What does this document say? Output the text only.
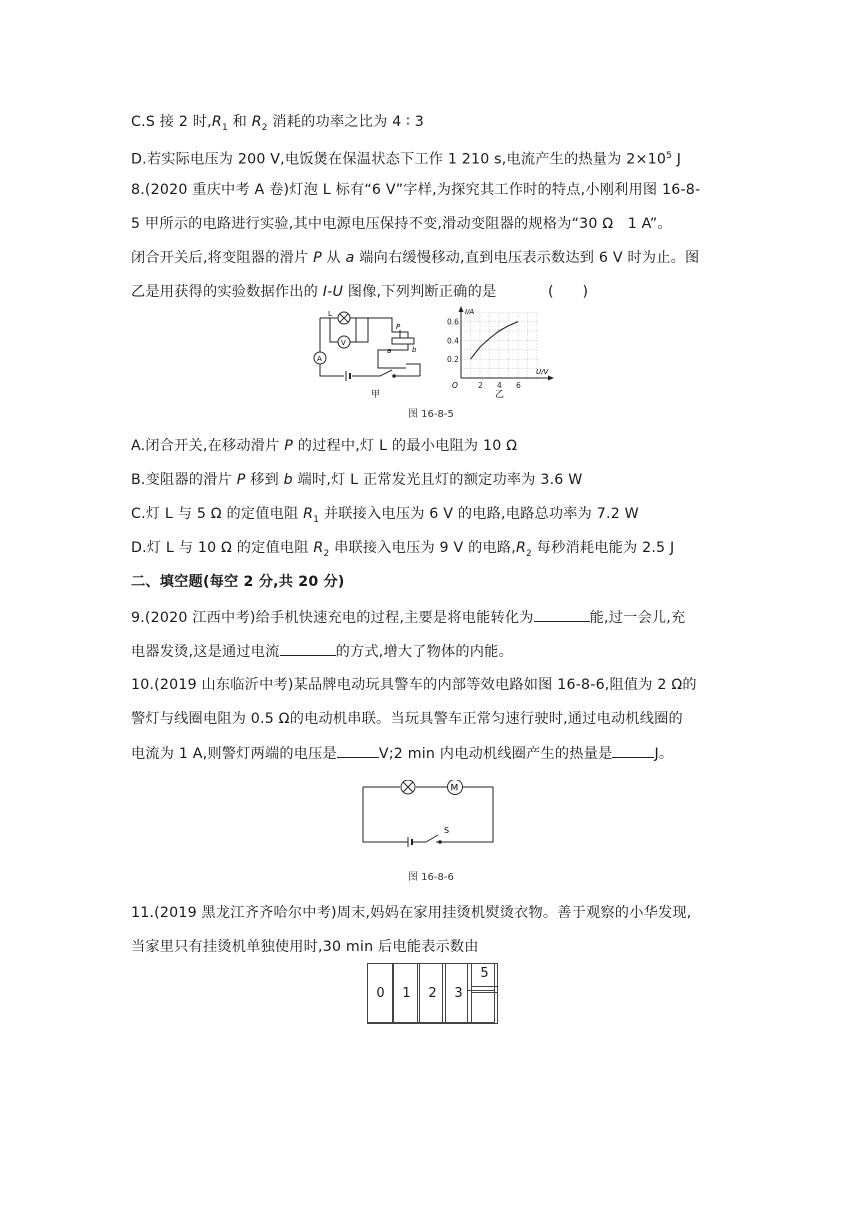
C.S 接 2 时$,R_1$ 和 $R_2$ 消耗的功率之比为 4 ∶ 3
D.若实际电压为 200 V,电饭煲在保温状态下工作 1 210 s,电流产生的热量为 $2\times 10^5$ J
8.(2020 重庆中考 A 卷)灯泡 L 标有“6 V”字样,为探究其工作时的特点,小刚利用图 16-8-
5 甲所示的电路进行实验,其中电源电压保持不变,滑动变阻器的规格为“30 Ω　1 A”。
闭合开关后,将变阻器的滑片 P 从 a 端向右缓慢移动,直到电压表示数达到 6 V 时为止。图
乙是用获得的实验数据作出的 I-U 图像,下列判断正确的是	(　　)
L
V
A
P
a	b
甲
2 4 6
0.2
0.4
0.6
I/A
U/V
O
乙
图 16-8-5
A.闭合开关,在移动滑片 P 的过程中,灯 L 的最小电阻为 10 Ω
B.变阻器的滑片 P 移到 b 端时,灯 L 正常发光且灯的额定功率为 3.6 W
C.灯 L 与 5 Ω 的定值电阻 $R_1$ 并联接入电压为 6 V 的电路,电路总功率为 7.2 W
D.灯 L 与 10 Ω 的定值电阻 $R_2$ 串联接入电压为 9 V 的电路$,R_2$ 每秒消耗电能为 2.5 J
二、填空题(每空 2 分,共 20 分)
9.(2020 江西中考)给手机快速充电的过程,主要是将电能转化为	能,过一会儿,充
电器发烫,这是通过电流	的方式,增大了物体的内能。
10.(2019 山东临沂中考)某品牌电动玩具警车的内部等效电路如图 16-8-6,阻值为 2 Ω的
警灯与线圈电阻为 0.5 Ω的电动机串联。当玩具警车正常匀速行驶时,通过电动机线圈的
电流为 1 A,则警灯两端的电压是	V;2 min 内电动机线圈产生的热量是	J。
M
S
图 16-8-6
11.(2019 黑龙江齐齐哈尔中考)周末,妈妈在家用挂烫机熨烫衣物。善于观察的小华发现,
当家里只有挂烫机单独使用时,30 min 后电能表示数由
0	1	2	3	
5
